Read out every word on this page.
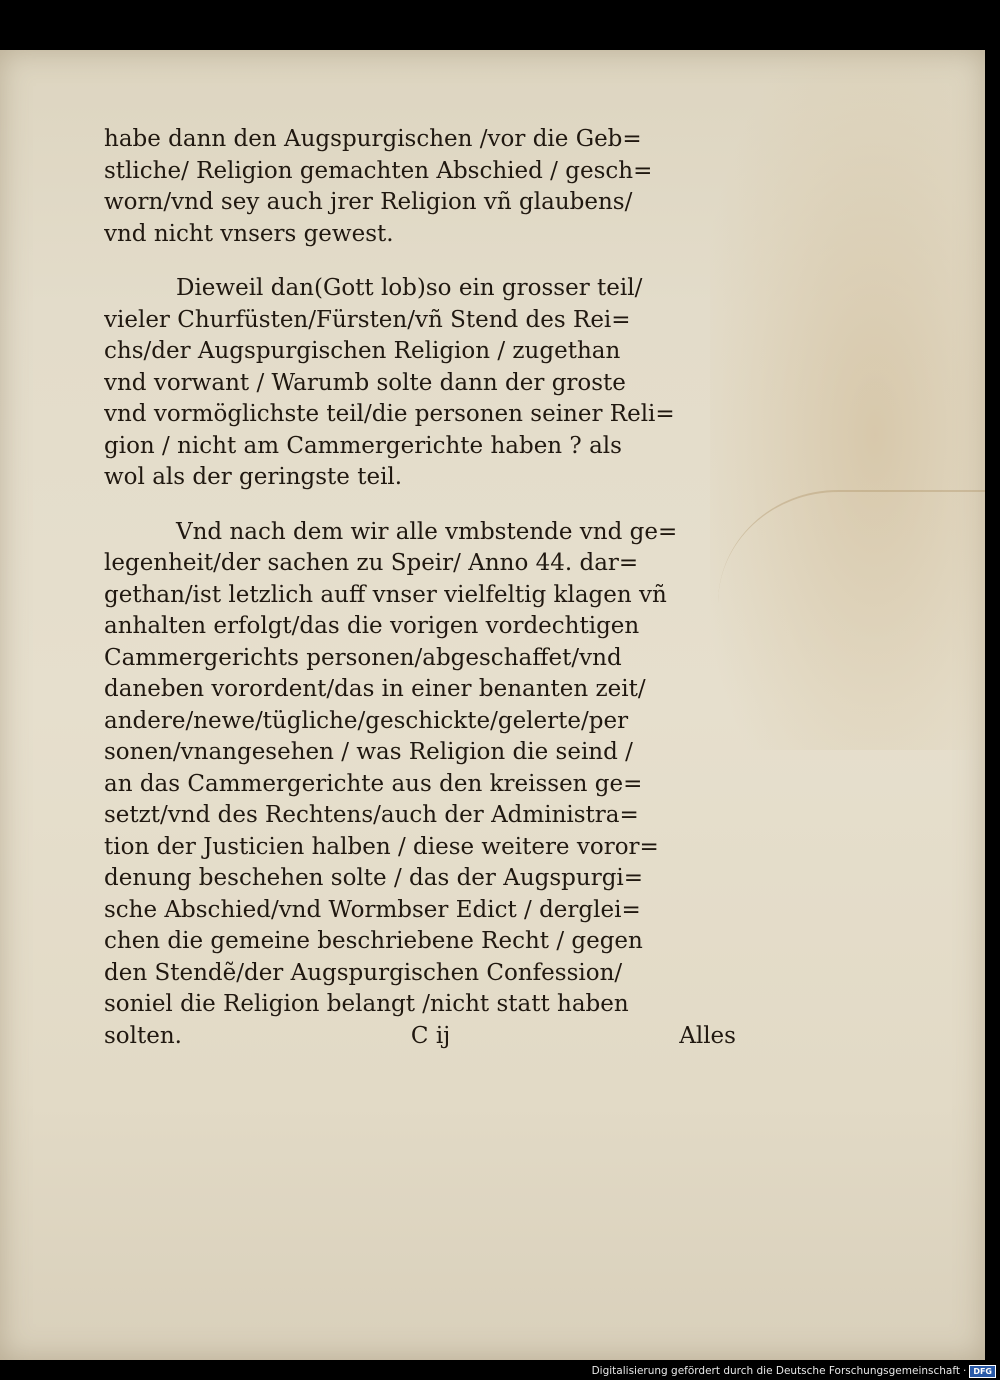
habe dann den Augspurgischen /vor die Geb=
stliche/ Religion gemachten Abschied / gesch=
worn/vnd sey auch jrer Religion vñ glaubens/
vnd nicht vnsers gewest.
Dieweil dan(Gott lob)so ein grosser teil/
vieler Churfüsten/Fürsten/vñ Stend des Rei=
chs/der Augspurgischen Religion / zugethan
vnd vorwant / Warumb solte dann der groste
vnd vormöglichste teil/die personen seiner Reli=
gion / nicht am Cammergerichte haben ? als
wol als der geringste teil.
Vnd nach dem wir alle vmbstende vnd ge=
legenheit/der sachen zu Speir/ Anno 44. dar=
gethan/ist letzlich auff vnser vielfeltig klagen vñ
anhalten erfolgt/das die vorigen vordechtigen
Cammergerichts personen/abgeschaffet/vnd
daneben vorordent/das in einer benanten zeit/
andere/newe/tügliche/geschickte/gelerte/per
sonen/vnangesehen / was Religion die seind /
an das Cammergerichte aus den kreissen ge=
setzt/vnd des Rechtens/auch der Administra=
tion der Justicien halben / diese weitere voror=
denung beschehen solte / das der Augspurgi=
sche Abschied/vnd Wormbser Edict / derglei=
chen die gemeine beschriebene Recht / gegen
den Stendẽ/der Augspurgischen Confession/
soniel die Religion belangt /nicht statt haben
solten.	C ij	Alles
Digitalisierung gefördert durch die Deutsche Forschungsgemeinschaft · DFG
